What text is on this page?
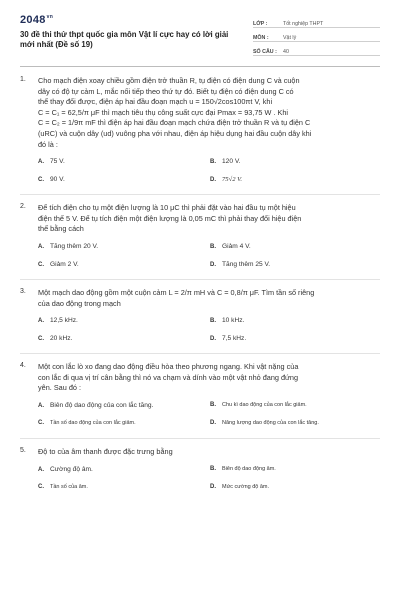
$2048^{vn}$
30 đề thi thử thpt quốc gia môn Vật lí cực hay có lời giải mới nhất (Đề số 19)
LỚP :	Tốt nghiệp THPT
MÔN :	Vật lý
SỐ CÂU :	40
1. Cho mạch điện xoay chiều gồm điện trở thuần R, tụ điện có điện dung C và cuộn
dây có độ tự cảm L, mắc nối tiếp theo thứ tự đó. Biết tụ điện có điện dung C có
thể thay đổi được, điện áp hai đầu đoạn mạch u = 150√2cos100πt V, khi
C = C₁ = 62,5/π μF thì mạch tiêu thụ công suất cực đại Pmax = 93,75 W . Khi
C = C₂ = 1/9π mF thì điện áp hai đầu đoạn mạch chứa điện trở thuần R và tụ điện C
(uRC) và cuộn dây (ud) vuông pha với nhau, điện áp hiệu dụng hai đầu cuộn dây khi
đó là :
A. 75 V.	B. 120 V.
C. 90 V.	D. 75√2 V.
2. Để tích điện cho tụ một điện lượng là 10 μC thì phải đặt vào hai đầu tụ một hiệu
điện thế 5 V. Để tụ tích điện một điện lượng là 0,05 mC thì phải thay đổi hiệu điện
thế bằng cách
A. Tăng thêm 20 V.	B. Giảm 4 V.
C. Giảm 2 V.	D. Tăng thêm 25 V.
3. Một mạch dao động gồm một cuộn cảm L = 2/π mH và C = 0,8/π μF. Tìm tần số riêng
của dao động trong mạch
A. 12,5 kHz.	B. 10 kHz.
C. 20 kHz.	D. 7,5 kHz.
4. Một con lắc lò xo đang dao động điều hòa theo phương ngang. Khi vật nặng của
con lắc đi qua vị trí cân bằng thì nó va chạm và dính vào một vật nhỏ đang đứng
yên. Sau đó :
A. Biên độ dao động của con lắc tăng.	B.	Chu kì dao động của con lắc giảm.
C.	Tần số dao động của con lắc giảm.	D.	Năng lượng dao động của con lắc tăng.
5. Độ to của âm thanh được đặc trưng bằng
A. Cường độ âm.	B.	Biên độ dao động âm.
C.	Tần số của âm.	D.	Mức cường độ âm.
